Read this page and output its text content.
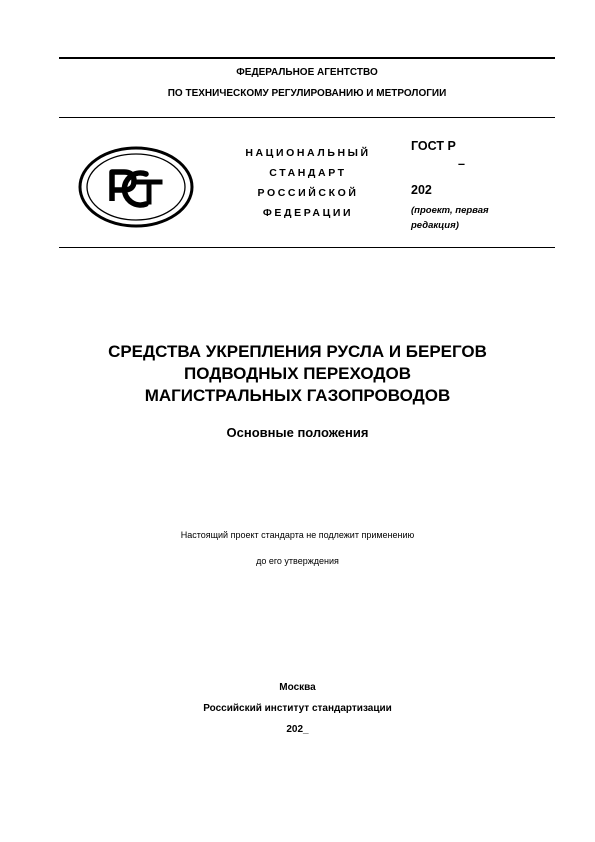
ФЕДЕРАЛЬНОЕ АГЕНТСТВО
ПО ТЕХНИЧЕСКОМУ РЕГУЛИРОВАНИЮ И МЕТРОЛОГИИ
НАЦИОНАЛЬНЫЙ
СТАНДАРТ
РОССИЙСКОЙ
ФЕДЕРАЦИИ
ГОСТ Р
–
202
(проект, первая редакция)
СРЕДСТВА УКРЕПЛЕНИЯ РУСЛА И БЕРЕГОВ
ПОДВОДНЫХ ПЕРЕХОДОВ
МАГИСТРАЛЬНЫХ ГАЗОПРОВОДОВ
Основные положения
Настоящий проект стандарта не подлежит применению
до его утверждения
Москва
Российский институт стандартизации
202_
